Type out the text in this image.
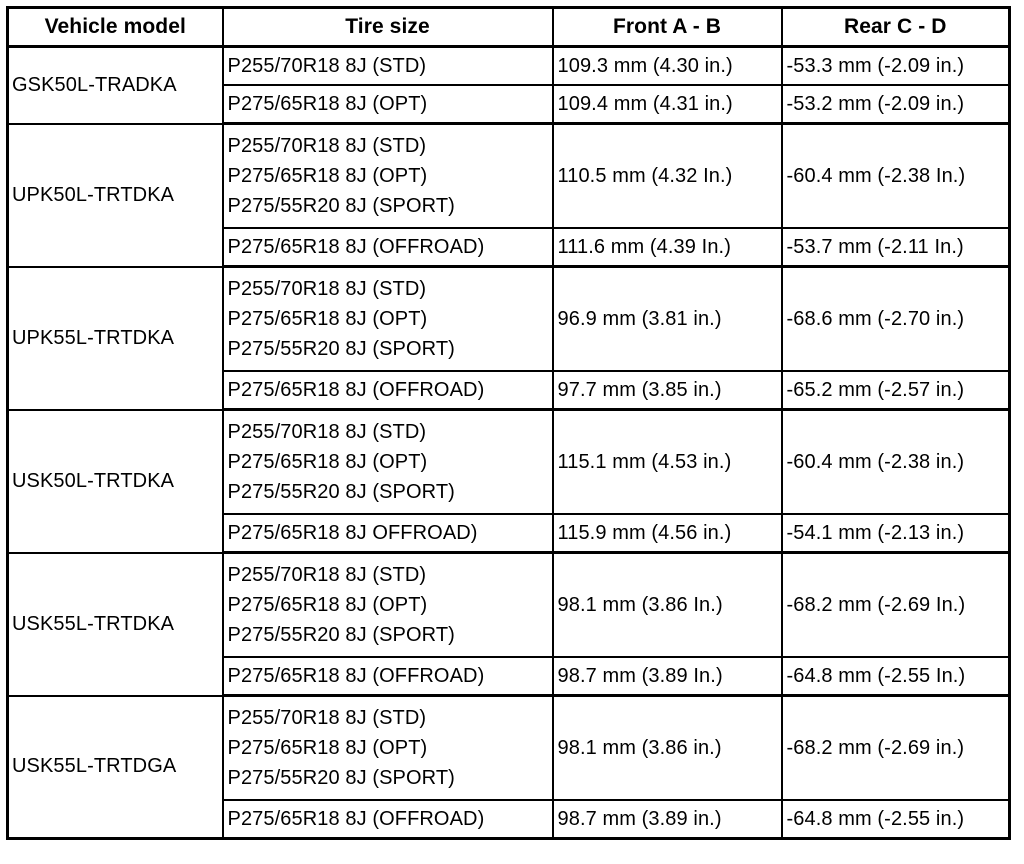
Vehicle model	Tire size	Front A - B	Rear C - D
GSK50L-TRADKA	P255/70R18 8J (STD)	109.3 mm (4.30 in.)	-53.3 mm (-2.09 in.)

	P275/65R18 8J (OPT)	109.4 mm (4.31 in.)	-53.2 mm (-2.09 in.)
UPK50L-TRTDKA	P255/70R18 8J (STD)
P275/65R18 8J (OPT)
P275/55R20 8J (SPORT)	110.5 mm (4.32 In.)	-60.4 mm (-2.38 In.)

	P275/65R18 8J (OFFROAD)	111.6 mm (4.39 In.)	-53.7 mm (-2.11 In.)
UPK55L-TRTDKA	P255/70R18 8J (STD)
P275/65R18 8J (OPT)
P275/55R20 8J (SPORT)	96.9 mm (3.81 in.)	-68.6 mm (-2.70 in.)

	P275/65R18 8J (OFFROAD)	97.7 mm (3.85 in.)	-65.2 mm (-2.57 in.)
USK50L-TRTDKA	P255/70R18 8J (STD)
P275/65R18 8J (OPT)
P275/55R20 8J (SPORT)	115.1 mm (4.53 in.)	-60.4 mm (-2.38 in.)

	P275/65R18 8J OFFROAD)	115.9 mm (4.56 in.)	-54.1 mm (-2.13 in.)
USK55L-TRTDKA	P255/70R18 8J (STD)
P275/65R18 8J (OPT)
P275/55R20 8J (SPORT)	98.1 mm (3.86 In.)	-68.2 mm (-2.69 In.)

	P275/65R18 8J (OFFROAD)	98.7 mm (3.89 In.)	-64.8 mm (-2.55 In.)
USK55L-TRTDGA	P255/70R18 8J (STD)
P275/65R18 8J (OPT)
P275/55R20 8J (SPORT)	98.1 mm (3.86 in.)	-68.2 mm (-2.69 in.)

	P275/65R18 8J (OFFROAD)	98.7 mm (3.89 in.)	-64.8 mm (-2.55 in.)
